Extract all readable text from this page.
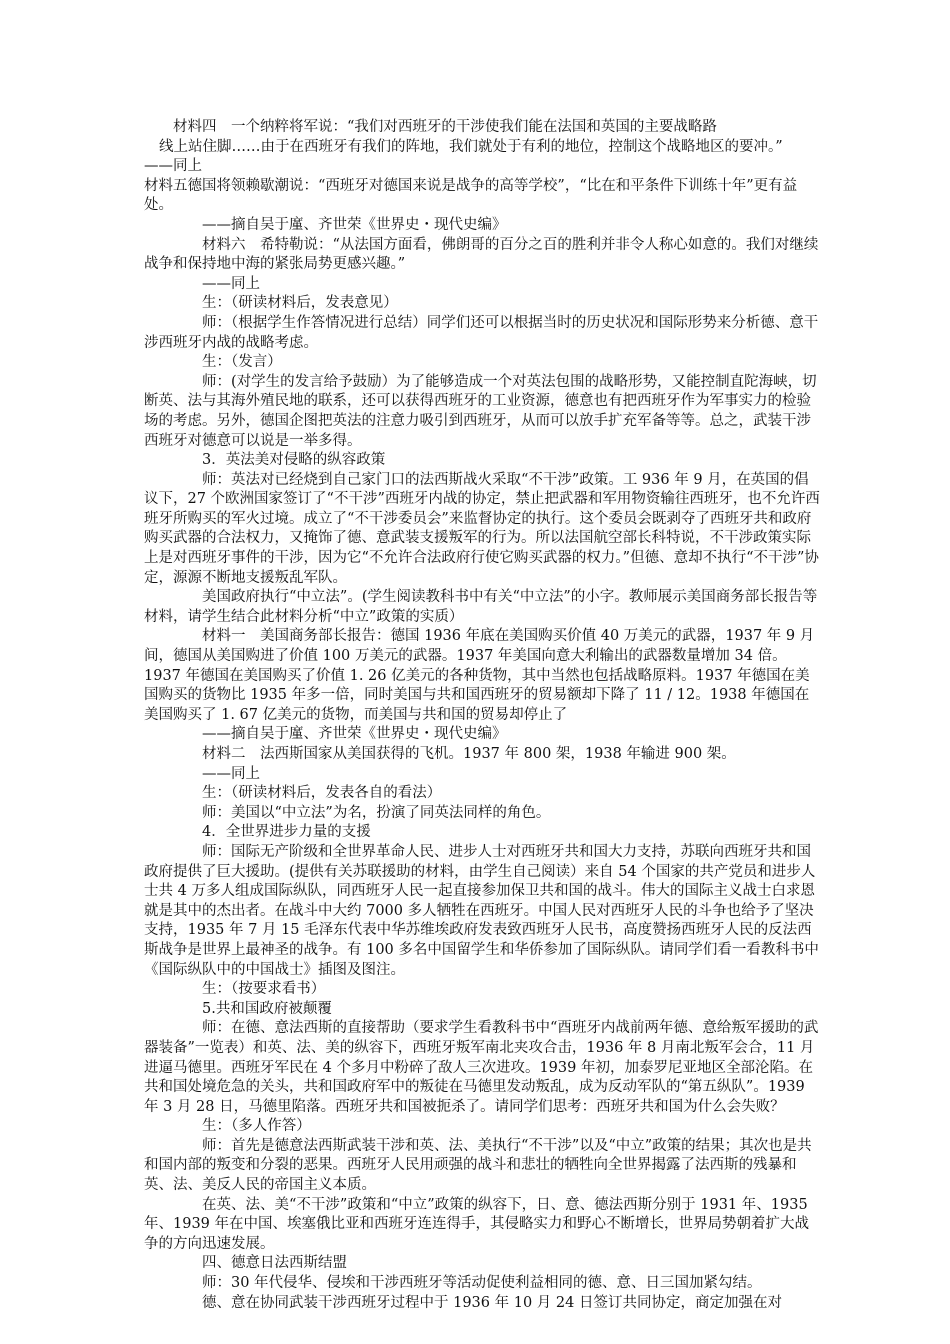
材料四　一个纳粹将军说：“我们对西班牙的干涉使我们能在法国和英国的主要战略路

线上站住脚……由于在西班牙有我们的阵地，我们就处于有利的地位，控制这个战略地区的要冲。”

——同上

材料五德国将领赖歇潮说：“西班牙对德国来说是战争的高等学校”，“比在和平条件下训练十年”更有益处。

——摘自吴于廑、齐世荣《世界史・现代史编》

材料六　希特勒说：“从法国方面看，佛朗哥的百分之百的胜利并非令人称心如意的。我们对继续战争和保持地中海的紧张局势更感兴趣。”

——同上

生：（研读材料后，发表意见）

师：（根据学生作答情况进行总结）同学们还可以根据当时的历史状况和国际形势来分析德、意干涉西班牙内战的战略考虑。

生：（发言）

师：(对学生的发言给予鼓励）为了能够造成一个对英法包围的战略形势，又能控制直陀海峡，切断英、法与其海外殖民地的联系，还可以获得西班牙的工业资源，德意也有把西班牙作为军事实力的检验场的考虑。另外，德国企图把英法的注意力吸引到西班牙，从而可以放手扩充军备等等。总之，武装干涉西班牙对德意可以说是一举多得。

3．英法美对侵略的纵容政策

师：英法对已经烧到自己家门口的法西斯战火采取“不干涉”政策。工 936 年 9 月，在英国的倡议下，27 个欧洲国家签订了“不干涉”西班牙内战的协定，禁止把武器和军用物资输往西班牙，也不允许西班牙所购买的军火过境。成立了“不干涉委员会”来监督协定的执行。这个委员会既剥夺了西班牙共和政府购买武器的合法权力，又掩饰了德、意武装支援叛军的行为。所以法国航空部长科特说，不干涉政策实际上是对西班牙事件的干涉，因为它“不允许合法政府行使它购买武器的权力。”但德、意却不执行“不干涉”协定，源源不断地支援叛乱军队。

美国政府执行“中立法”。(学生阅读教科书中有关“中立法”的小字。教师展示美国商务部长报告等材料，请学生结合此材料分析“中立”政策的实质）

材料一　美国商务部长报告：德国 1936 年底在美国购买价值 40 万美元的武器，1937 年 9 月间，德国从美国购进了价值 100 万美元的武器。1937 年美国向意大利输出的武器数量增加 34 倍。1937 年德国在美国购买了价值 1. 26 亿美元的各种货物，其中当然也包括战略原料。1937 年德国在美国购买的货物比 1935 年多一倍，同时美国与共和国西班牙的贸易额却下降了 11 / 12。1938 年德国在美国购买了 1. 67 亿美元的货物，而美国与共和国的贸易却停止了

——摘自吴于廑、齐世荣《世界史・现代史编》

材料二　法西斯国家从美国获得的飞机。1937 年 800 架，1938 年输进 900 架。

——同上

生：（研读材料后，发表各自的看法）

师：美国以“中立法”为名，扮演了同英法同样的角色。

4．全世界进步力量的支援

师：国际无产阶级和全世界革命人民、进步人士对西班牙共和国大力支持，苏联向西班牙共和国政府提供了巨大援助。(提供有关苏联援助的材料，由学生自己阅读）来自 54 个国家的共产党员和进步人士共 4 万多人组成国际纵队，同西班牙人民一起直接参加保卫共和国的战斗。伟大的国际主义战士白求恩就是其中的杰出者。在战斗中大约 7000 多人牺牲在西班牙。中国人民对西班牙人民的斗争也给予了坚决支持，1935 年 7 月 15 毛泽东代表中华苏维埃政府发表致西班牙人民书，高度赞扬西班牙人民的反法西斯战争是世界上最神圣的战争。有 100 多名中国留学生和华侨参加了国际纵队。请同学们看一看教科书中《国际纵队中的中国战士》插图及图注。

生：（按要求看书）

5.共和国政府被颠覆

师：在德、意法西斯的直接帮助（要求学生看教科书中“酉班牙内战前两年德、意给叛军援助的武器装备”一览表）和英、法、美的纵容下，西班牙叛军南北夹攻合击，1936 年 8 月南北叛军会合，11 月进逼马德里。西班牙军民在 4 个多月中粉碎了敌人三次进攻。1939 年初，加泰罗尼亚地区全部沦陷。在共和国处境危急的关头，共和国政府军中的叛徒在马德里发动叛乱，成为反动军队的“第五纵队”。1939 年 3 月 28 日，马德里陷落。西班牙共和国被扼杀了。请同学们思考：西班牙共和国为什么会失败？

生：（多人作答）

师：首先是德意法西斯武装干涉和英、法、美执行“不干涉”以及“中立”政策的结果；其次也是共和国内部的叛变和分裂的恶果。西班牙人民用顽强的战斗和悲壮的牺牲向全世界揭露了法西斯的残暴和英、法、美反人民的帝国主义本质。

在英、法、美“不干涉”政策和“中立”政策的纵容下，日、意、德法西斯分别于 1931 年、1935 年、1939 年在中国、埃塞俄比亚和西班牙连连得手，其侵略实力和野心不断增长，世界局势朝着扩大战争的方向迅速发展。

四、德意日法西斯结盟

师：30 年代侵华、侵埃和干涉西班牙等活动促使利益相同的德、意、日三国加紧勾结。

德、意在协同武装干涉西班牙过程中于 1936 年 10 月 24 日签订共同协定，商定加强在对
